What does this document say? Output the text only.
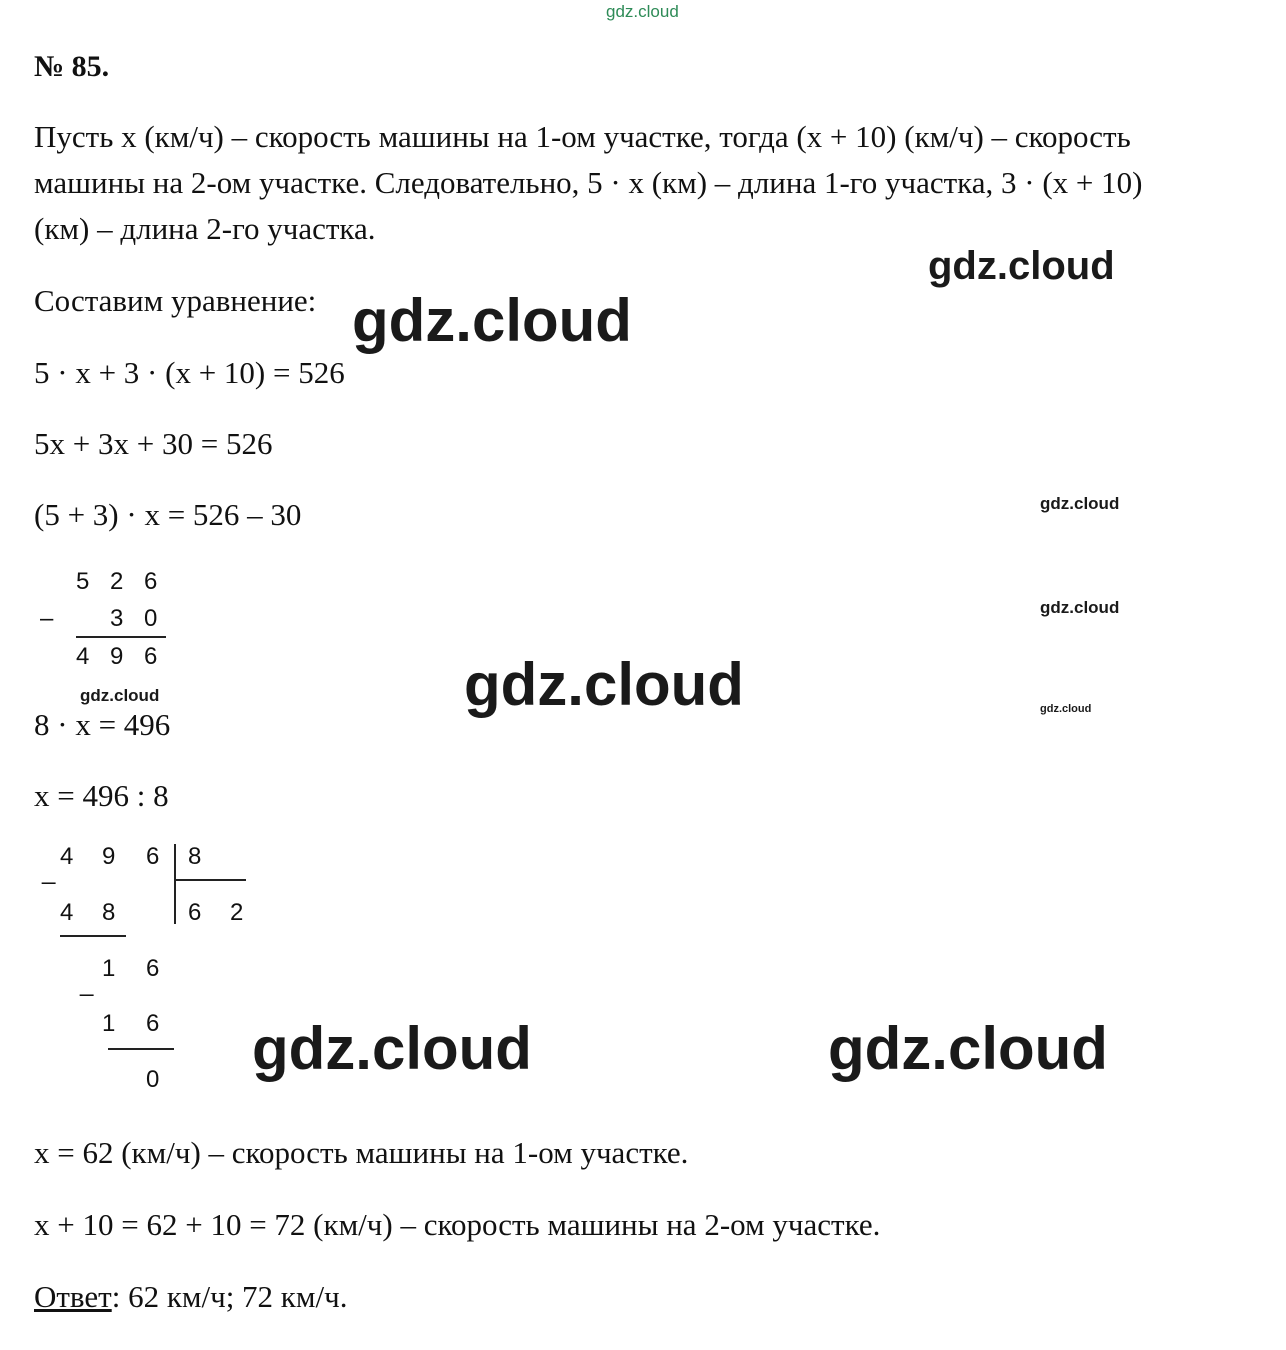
gdz.cloud
№ 85.
Пусть x (км/ч) – скорость машины на 1-ом участке, тогда (x + 10) (км/ч) – скорость машины на 2-ом участке. Следовательно, 5 · x (км) – длина 1-го участка, 3 · (x + 10) (км) – длина 2-го участка.
Составим уравнение:
5 · x + 3 · (x + 10) = 526
5x + 3x + 30 = 526
(5 + 3) · x = 526 – 30
–
5 2 6
3 0
4 9 6
8 · x = 496
x = 496 : 8
4 9 6 8
6 2
_
4 8
_
1 6
1 6
0
x = 62 (км/ч) – скорость машины на 1-ом участке.
x + 10 = 62 + 10 = 72 (км/ч) – скорость машины на 2-ом участке.
Ответ: 62 км/ч; 72 км/ч.
gdz.cloud
gdz.cloud
gdz.cloud
gdz.cloud
gdz.cloud	gdz.cloud	gdz.cloud
gdz.cloud	gdz.cloud
